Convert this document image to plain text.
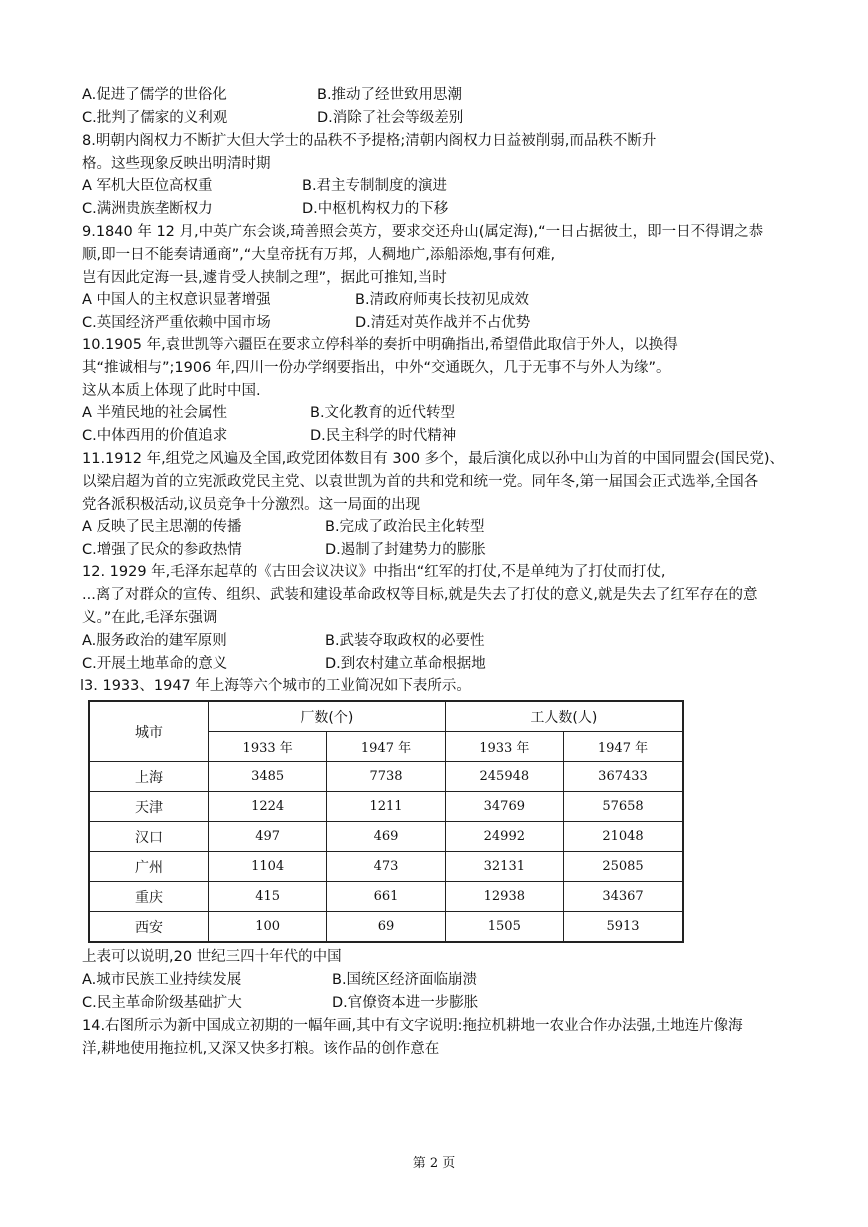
A.促进了儒学的世俗化	B.推动了经世致用思潮
C.批判了儒家的义利观	D.消除了社会等级差别
8.明朝内阁权力不断扩大但大学士的品秩不予提格;清朝内阁权力日益被削弱,而品秩不断升
格。这些现象反映出明清时期
A 军机大臣位高权重	B.君主专制制度的演进
C.满洲贵族垄断权力	D.中枢机构权力的下移
9.1840 年 12 月,中英广东会谈,琦善照会英方，要求交还舟山(属定海),“一日占据彼土，即一日不得谓之恭
顺,即一日不能奏请通商”,“大皇帝抚有万邦，人稠地广,添船添炮,事有何难,
岂有因此定海一县,遽肯受人挟制之理”，据此可推知,当时
A 中国人的主权意识显著增强	B.清政府师夷长技初见成效
C.英国经济严重依赖中国市场	D.清廷对英作战并不占优势
10.1905 年,袁世凯等六疆臣在要求立停科举的奏折中明确指出,希望借此取信于外人，以换得
其“推诚相与”;1906 年,四川一份办学纲要指出，中外“交通既久，几于无事不与外人为缘”。
这从本质上体现了此时中国.
A 半殖民地的社会属性	B.文化教育的近代转型
C.中体西用的价值追求	D.民主科学的时代精神
11.1912 年,组党之风遍及全国,政党团体数目有 300 多个，最后演化成以孙中山为首的中国同盟会(国民党)、
以梁启超为首的立宪派政党民主党、以袁世凯为首的共和党和统一党。同年冬,第一届国会正式选举,全国各
党各派积极活动,议员竞争十分激烈。这一局面的出现
A 反映了民主思潮的传播	B.完成了政治民主化转型
C.增强了民众的参政热情	D.遏制了封建势力的膨胀
12. 1929 年,毛泽东起草的《古田会议决议》中指出“红军的打仗,不是单纯为了打仗而打仗,
...离了对群众的宣传、组织、武装和建设革命政权等目标,就是失去了打仗的意义,就是失去了红军存在的意
义。”在此,毛泽东强调
A.服务政治的建军原则	B.武装夺取政权的必要性
C.开展土地革命的意义	D.到农村建立革命根据地
l3. 1933、1947 年上海等六个城市的工业简况如下表所示。
城市	厂数(个)		工人数(人)	
	1933 年	1947 年	1933 年	1947 年
上海	3485	7738	245948	367433
天津	1224	1211	34769	57658
汉口	497	469	24992	21048
广州	1104	473	32131	25085
重庆	415	661	12938	34367
西安	100	69	1505	5913
上表可以说明,20 世纪三四十年代的中国
A.城市民族工业持续发展	B.国统区经济面临崩溃
C.民主革命阶级基础扩大	D.官僚资本进一步膨胀
14.右图所示为新中国成立初期的一幅年画,其中有文字说明:拖拉机耕地一农业合作办法强,土地连片像海
洋,耕地使用拖拉机,又深又快多打粮。该作品的创作意在
第 2 页
